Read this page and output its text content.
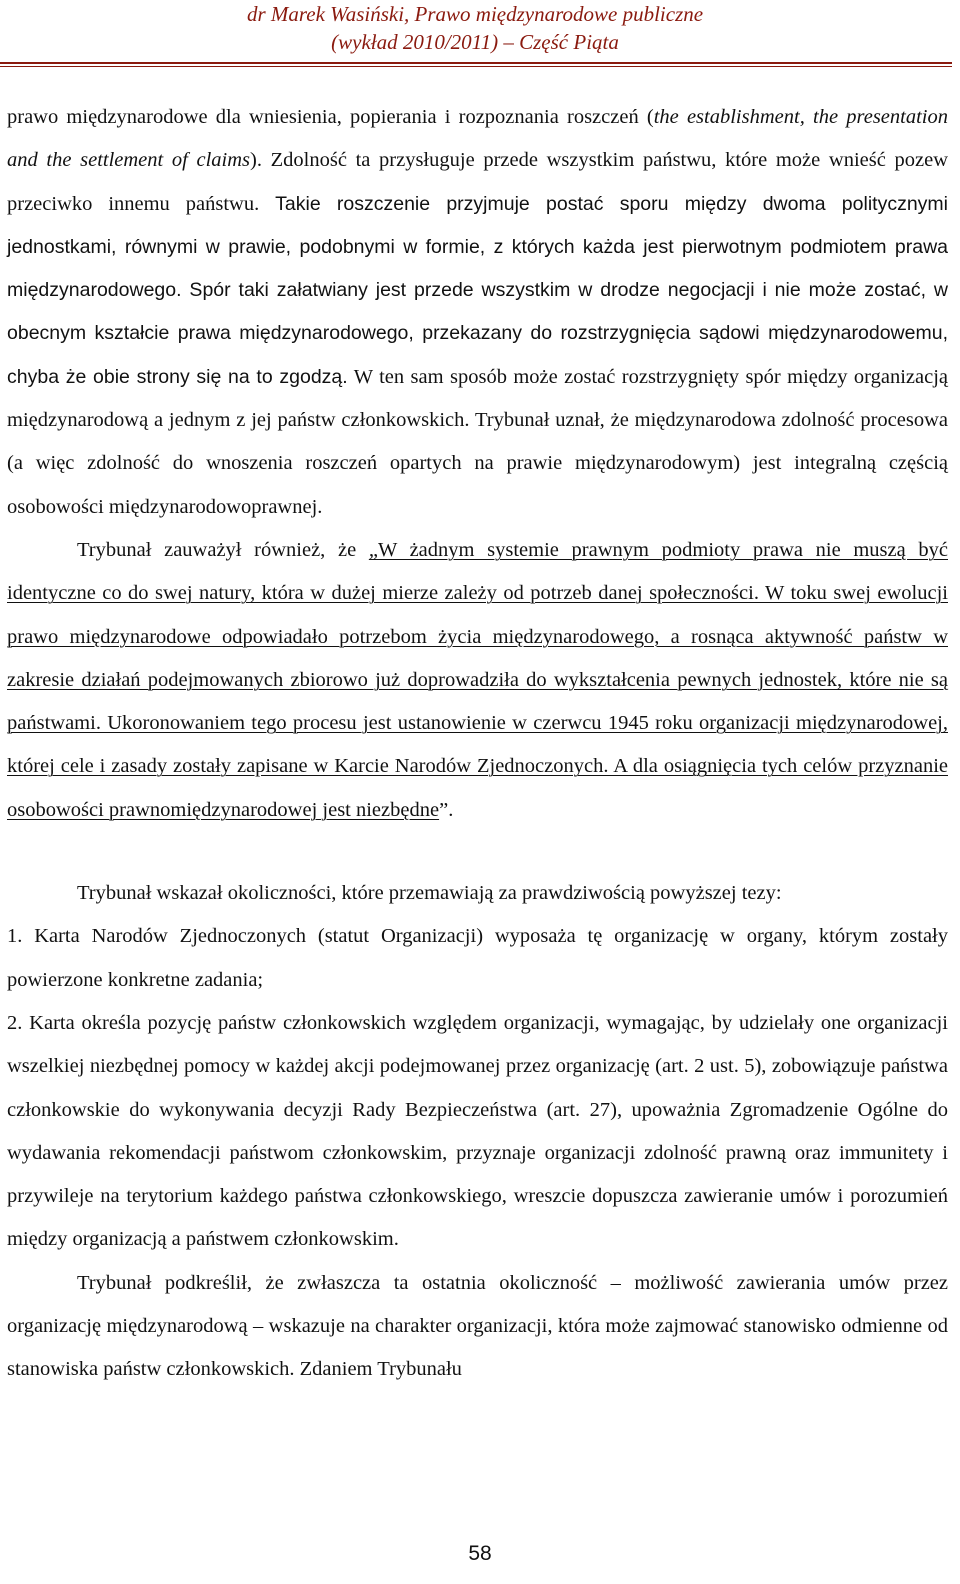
dr Marek Wasiński, Prawo międzynarodowe publiczne
(wykład 2010/2011) – Część Piąta

prawo międzynarodowe dla wniesienia, popierania i rozpoznania roszczeń (the establishment, the presentation and the settlement of claims). Zdolność ta przysługuje przede wszystkim państwu, które może wnieść pozew przeciwko innemu państwu. Takie roszczenie przyjmuje postać sporu między dwoma politycznymi jednostkami, równymi w prawie, podobnymi w formie, z których każda jest pierwotnym podmiotem prawa międzynarodowego. Spór taki załatwiany jest przede wszystkim w drodze negocjacji i nie może zostać, w obecnym kształcie prawa międzynarodowego, przekazany do rozstrzygnięcia sądowi międzynarodowemu, chyba że obie strony się na to zgodzą. W ten sam sposób może zostać rozstrzygnięty spór między organizacją międzynarodową a jednym z jej państw członkowskich. Trybunał uznał, że międzynarodowa zdolność procesowa (a więc zdolność do wnoszenia roszczeń opartych na prawie międzynarodowym) jest integralną częścią osobowości międzynarodowoprawnej.

Trybunał zauważył również, że „W żadnym systemie prawnym podmioty prawa nie muszą być identyczne co do swej natury, która w dużej mierze zależy od potrzeb danej społeczności. W toku swej ewolucji prawo międzynarodowe odpowiadało potrzebom życia międzynarodowego, a rosnąca aktywność państw w zakresie działań podejmowanych zbiorowo już doprowadziła do wykształcenia pewnych jednostek, które nie są państwami. Ukoronowaniem tego procesu jest ustanowienie w czerwcu 1945 roku organizacji międzynarodowej, której cele i zasady zostały zapisane w Karcie Narodów Zjednoczonych. A dla osiągnięcia tych celów przyznanie osobowości prawnomiędzynarodowej jest niezbędne”.

Trybunał wskazał okoliczności, które przemawiają za prawdziwością powyższej tezy:

1. Karta Narodów Zjednoczonych (statut Organizacji) wyposaża tę organizację w organy, którym zostały powierzone konkretne zadania;

2. Karta określa pozycję państw członkowskich względem organizacji, wymagając, by udzielały one organizacji wszelkiej niezbędnej pomocy w każdej akcji podejmowanej przez organizację (art. 2 ust. 5), zobowiązuje państwa członkowskie do wykonywania decyzji Rady Bezpieczeństwa (art. 27), upoważnia Zgromadzenie Ogólne do wydawania rekomendacji państwom członkowskim, przyznaje organizacji zdolność prawną oraz immunitety i przywileje na terytorium każdego państwa członkowskiego, wreszcie dopuszcza zawieranie umów i porozumień między organizacją a państwem członkowskim.

Trybunał podkreślił, że zwłaszcza ta ostatnia okoliczność – możliwość zawierania umów przez organizację międzynarodową – wskazuje na charakter organizacji, która może zajmować stanowisko odmienne od stanowiska państw członkowskich. Zdaniem Trybunału

58
